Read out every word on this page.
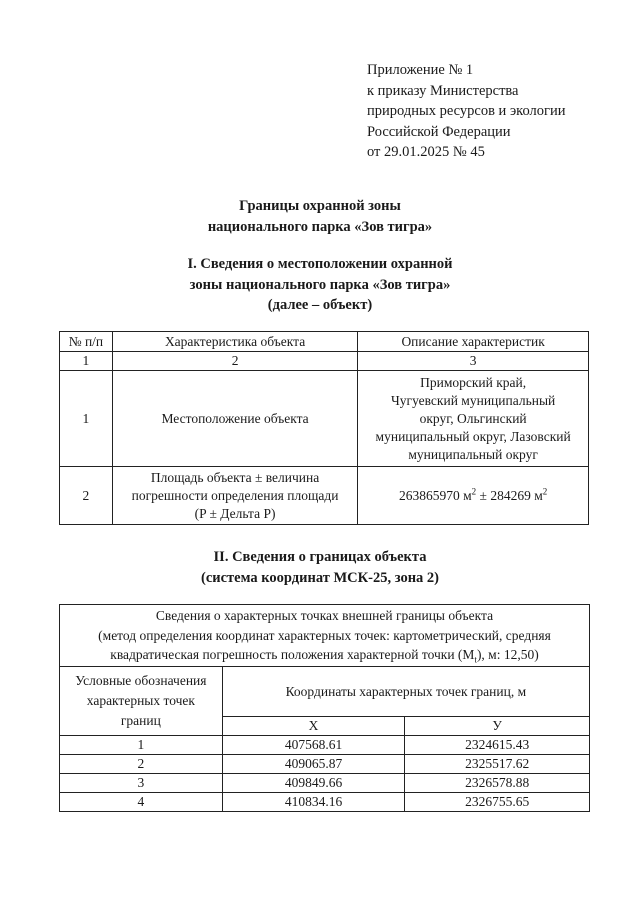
Приложение № 1
к приказу Министерства
природных ресурсов и экологии
Российской Федерации
от 29.01.2025 № 45
Границы охранной зоны
национального парка «Зов тигра»
I. Сведения о местоположении охранной
зоны национального парка «Зов тигра»
(далее – объект)
№ п/п	Характеристика объекта	Описание характеристик
1	2	3
1	Местоположение объекта	Приморский край,
Чугуевский муниципальный
округ, Ольгинский
муниципальный округ, Лазовский
муниципальный округ

2	Площадь объекта ± величина
погрешности определения площади
(P ± Дельта P)	263865970 $м^2 \pm 284269$ $м^2$
II. Сведения о границах объекта
(система координат МСК-25, зона 2)
Сведения о характерных точках внешней границы объекта
(метод определения координат характерных точек: картометрический, средняя
квадратическая погрешность положения характерной точки $(M_t)$, м: 12,50)		

Условные обозначения
характерных точек
границ	Координаты характерных точек границ, м	
	X	У
1	407568.61	2324615.43
2	409065.87	2325517.62
3	409849.66	2326578.88
4	410834.16	2326755.65
